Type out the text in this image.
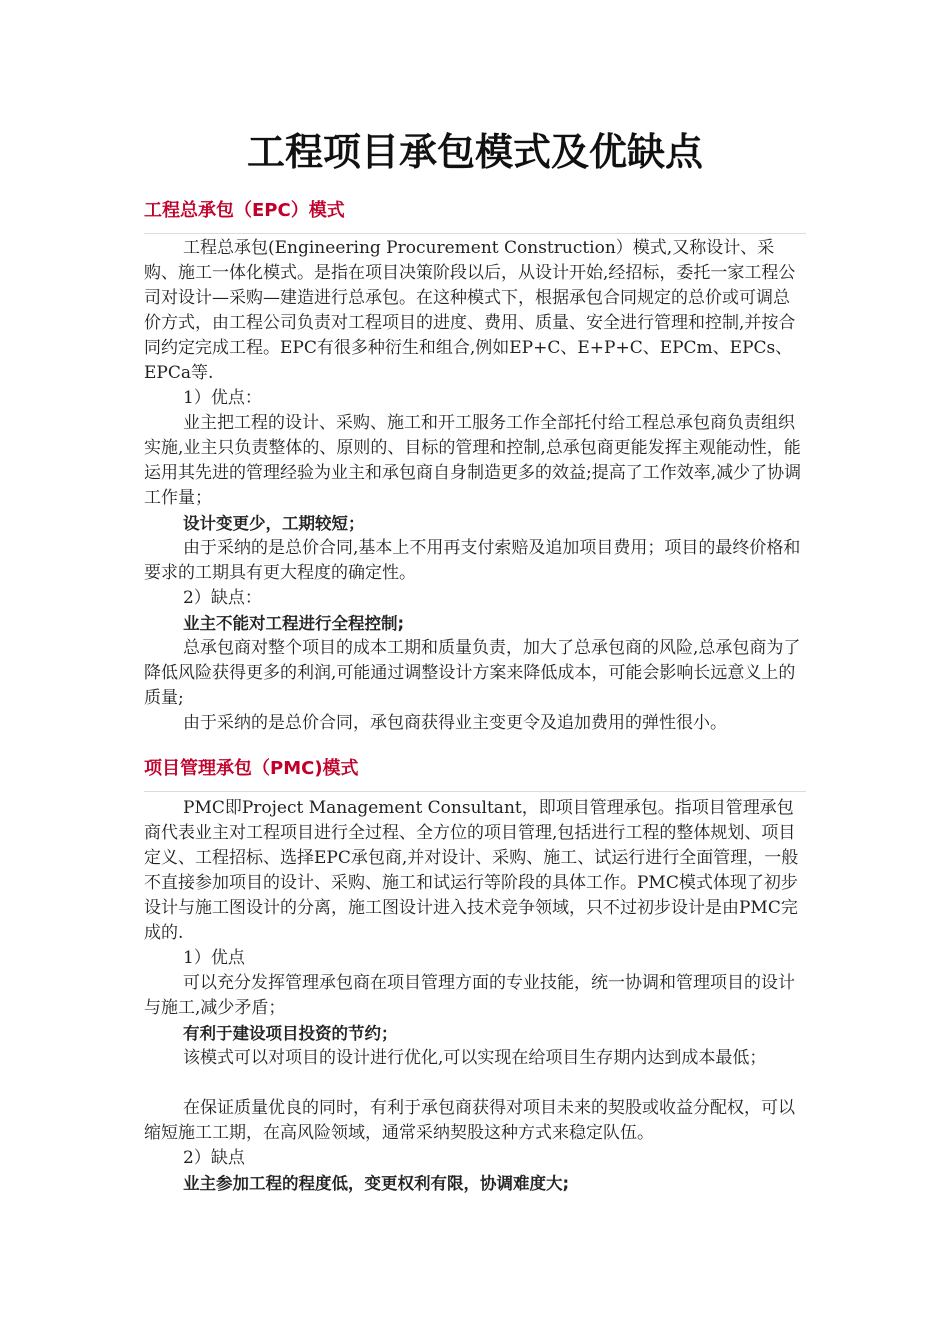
工程项目承包模式及优缺点
工程总承包（EPC）模式

工程总承包(Engineering Procurement Construction）模式,又称设计、采购、施工一体化模式。是指在项目决策阶段以后，从设计开始,经招标，委托一家工程公司对设计—采购—建造进行总承包。在这种模式下，根据承包合同规定的总价或可调总价方式，由工程公司负责对工程项目的进度、费用、质量、安全进行管理和控制,并按合同约定完成工程。EPC有很多种衍生和组合,例如EP+C、E+P+C、EPCm、EPCs、EPCa等.

1）优点：

业主把工程的设计、采购、施工和开工服务工作全部托付给工程总承包商负责组织实施,业主只负责整体的、原则的、目标的管理和控制,总承包商更能发挥主观能动性，能运用其先进的管理经验为业主和承包商自身制造更多的效益;提高了工作效率,减少了协调工作量；

设计变更少，工期较短；

由于采纳的是总价合同,基本上不用再支付索赔及追加项目费用；项目的最终价格和要求的工期具有更大程度的确定性。

2）缺点：

业主不能对工程进行全程控制;

总承包商对整个项目的成本工期和质量负责，加大了总承包商的风险,总承包商为了降低风险获得更多的利润,可能通过调整设计方案来降低成本，可能会影响长远意义上的质量;

由于采纳的是总价合同，承包商获得业主变更令及追加费用的弹性很小。

项目管理承包（PMC)模式

PMC即Project Management Consultant，即项目管理承包。指项目管理承包商代表业主对工程项目进行全过程、全方位的项目管理,包括进行工程的整体规划、项目定义、工程招标、选择EPC承包商,并对设计、采购、施工、试运行进行全面管理，一般不直接参加项目的设计、采购、施工和试运行等阶段的具体工作。PMC模式体现了初步设计与施工图设计的分离，施工图设计进入技术竞争领域，只不过初步设计是由PMC完成的.

1）优点

可以充分发挥管理承包商在项目管理方面的专业技能，统一协调和管理项目的设计与施工,减少矛盾；

有利于建设项目投资的节约；

该模式可以对项目的设计进行优化,可以实现在给项目生存期内达到成本最低；

在保证质量优良的同时，有利于承包商获得对项目未来的契股或收益分配权，可以缩短施工工期，在高风险领域，通常采纳契股这种方式来稳定队伍。

2）缺点

业主参加工程的程度低，变更权利有限，协调难度大;
